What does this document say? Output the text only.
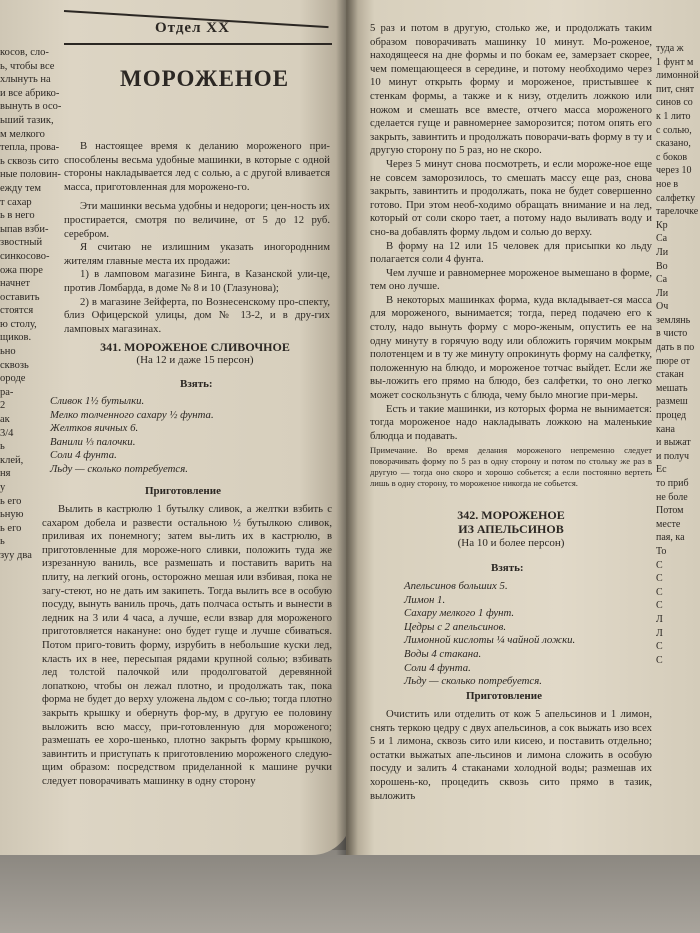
косов, сло-
ь, чтобы все
хлынуть на
и все абрико-
вынуть в осо-
ьший тазик,
м мелкого
тепла, прова-
ь сквозь сито
ные половин-
ежду тем
т сахар
ь в него
ыпав взби-
звостный
синкосово-
ожа пюре
начнет
оставить
стоятся
ю столу,
щиков.
ьно
сквозь
ороде
ра-
2
ак
3/4
ь
клей,
ня
у
ь его
ьную
ь его
ь
зуу два
Отдел XX
МОРОЖЕНОЕ

В настоящее время к деланию мороженого при-способлены весьма удобные машинки, в которые с одной стороны накладывается лед с солью, а с другой вливается масса, приготовленная для морожено-го.

Эти машинки весьма удобны и недороги; цен-ность их простирается, смотря по величине, от 5 до 12 руб. серебром.

Я считаю не излишним указать иногороднним жителям главные места их продажи:

1) в ламповом магазине Бинга, в Казанской ули-це, против Ломбарда, в доме № 8 и 10 (Глазунова);

2) в магазине Зейферта, по Вознесенскому про-спекту, близ Офицерской улицы, дом № 13-2, и в дру-гих ламповых магазинах.

341. МОРОЖЕНОЕ СЛИВОЧНОЕ
(На 12 и даже 15 персон)
Взять:
Сливок 1½ бутылки.
Мелко толченного сахару ½ фунта.
Желтков яичных 6.
Ванили ⅓ палочки.
Соли 4 фунта.
Льду — сколько потребуется.
Приготовление

Вылить в кастрюлю 1 бутылку сливок, а желтки взбить с сахаром добела и развести остальною ½ бутылкою сливок, приливая их понемногу; затем вы-лить их в кастрюлю, в приготовленные для мороже-ного сливки, положить туда же изрезанную ваниль, все размешать и поставить варить на плиту, на легкий огонь, осторожно мешая или взбивая, пока не загу-стеют, но не дать им закипеть. Тогда вылить все в особую посуду, вынуть ваниль прочь, дать полчаса остыть и вынести в ледник на 3 или 4 часа, а лучше, если взвар для мороженого приготовляется накануне: оно будет гуще и лучше сбиваться. Потом приго-товить форму, изрубить в небольшие куски лед, класть их в нее, пересыпая рядами крупной солью; взбивать лед толстой палочкой или продолговатой деревянной лопаткою, чтобы он лежал плотно, и продолжать так, пока форма не будет до верху уложена льдом с со-лью; тогда плотно закрыть крышку и обернуть фор-му, в другую ее половину выложить всю массу, при-готовленную для мороженого; размешать ее хоро-шенько, плотно закрыть форму крышкою, завинтить и приступать к приготовлению мороженого следую-щим образом: посредством приделанной к машине ручки следует поворачивать машинку в одну сторону

5 раз и потом в другую, столько же, и продолжать таким образом поворачивать машинку 10 минут. Мо-роженое, находящееся на дне формы и по бокам ее, замерзает скорее, чем помещающееся в середине, и потому необходимо через 10 минут открыть форму и мороженое, пристывшее к стенкам формы, а также и к низу, отделить ложкою или ножом и смешать все вместе, отчего масса мороженого сделается гуще и равномернее заморозится; потом опять его закрыть, завинтить и продолжать поворачи-вать форму в ту и другую сторону по 5 раз, но не скоро.

Через 5 минут снова посмотреть, и если мороже-ное еще не совсем заморозилось, то смешать массу еще раз, снова закрыть, завинтить и продолжать, пока не будет совершенно готово. При этом необ-ходимо обращать внимание и на лед, который от соли скоро тает, а потому надо выливать воду и сно-ва добавлять форму льдом и солью до верху.

В форму на 12 или 15 человек для присыпки ко льду полагается соли 4 фунта.

Чем лучше и равномернее мороженое вымешано в форме, тем оно лучше.

В некоторых машинках форма, куда вкладывает-ся масса для мороженого, вынимается; тогда, перед подачею его к столу, надо вынуть форму с моро-женым, опустить ее на одну минуту в горячую воду или обложить горячим мокрым полотенцем и в ту же минуту опрокинуть форму на салфетку, положенную на блюдо, и мороженое тотчас выйдет. Если же вы-ложить его прямо на блюдо, без салфетки, то оно легко может соскользнуть с блюда, чему было многие при-меры.

Есть и такие машинки, из которых форма не вынимается: тогда мороженое надо накладывать ложкою на маленькие блюдца и подавать.

Примечание. Во время делания мороженого непременно следует поворачивать форму по 5 раз в одну сторону и потом по стольку же раз в другую — тогда оно скоро и хорошо собьется; а если постоянно вертеть лишь в одну сторону, то мороженое никогда не собьется.
342. МОРОЖЕНОЕ
ИЗ АПЕЛЬСИНОВ
(На 10 и более персон)
Взять:
Апельсинов больших 5.
Лимон 1.
Сахару мелкого 1 фунт.
Цедры с 2 апельсинов.
Лимонной кислоты ¼ чайной ложки.
Воды 4 стакана.
Соли 4 фунта.
Льду — сколько потребуется.
Приготовление

Очистить или отделить от кож 5 апельсинов и 1 лимон, снять теркою цедру с двух апельсинов, а сок выжать изо всех 5 и 1 лимона, сквозь сито или кисею, и поставить отдельно; остатки выжатых апе-льсинов и лимона сложить в особую посуду и залить 4 стаканами холодной воды; размешав их хорошень-ко, процедить сквозь сито прямо в тазик, выложить

туда ж
1 фунт м
лимонной
пит, снят
синов со
к 1 лито
с солью,
сказано,
с боков
через 10
ное в
салфетку
тарелочке
Кр
Са
Ли
Во
Са
Ли
Оч
землянь
в чисто
дать в по
пюре от
стакан
мешать
размеш
процед
кана
и выжат
и получ
Ес
то приб
не боле
Потом
месте
пая, ка
То
С
С
С
С
Л
Л
С
С
